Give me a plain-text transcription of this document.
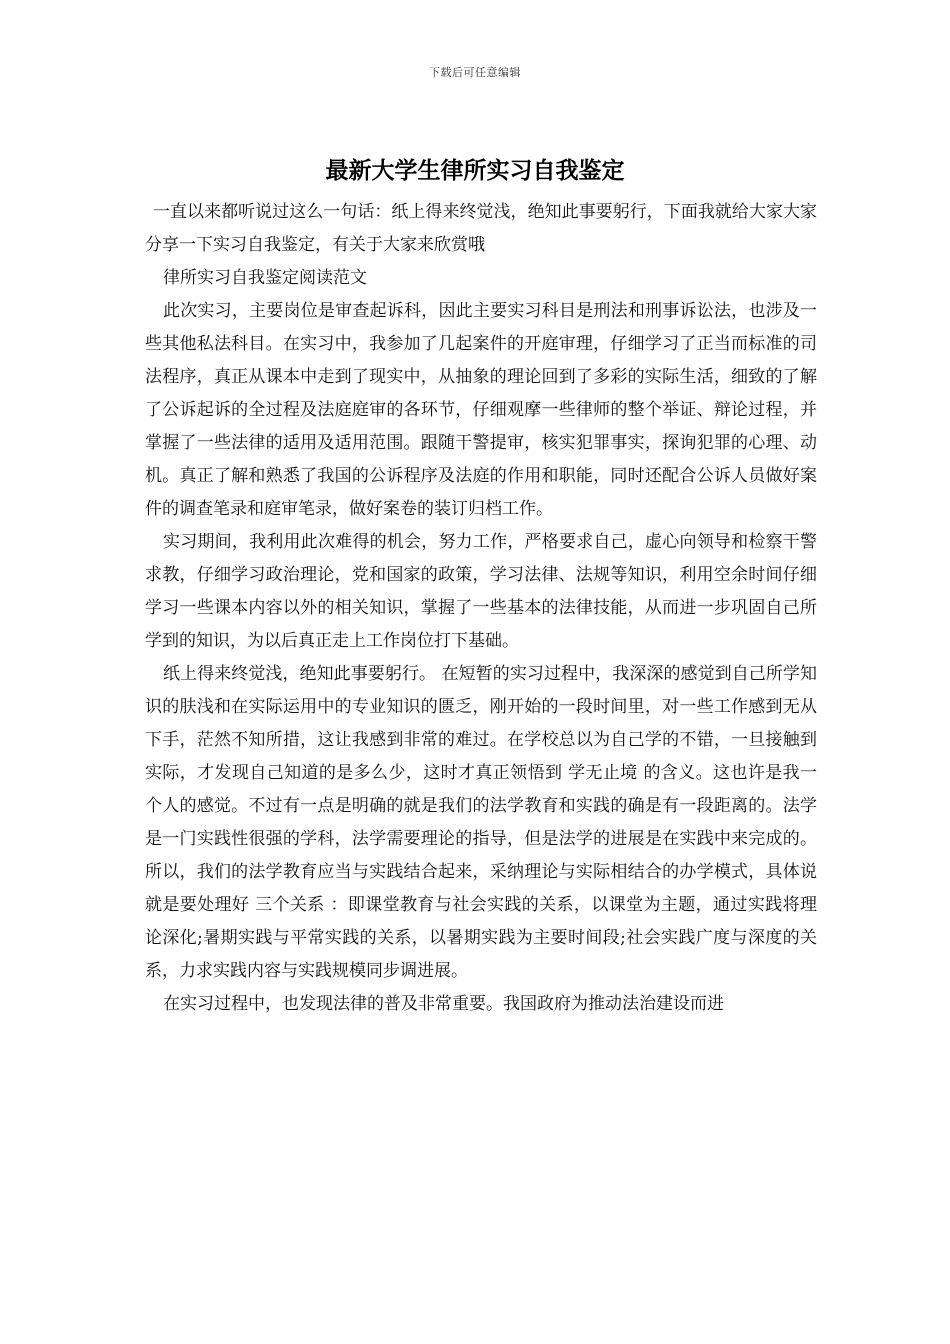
下载后可任意编辑
最新大学生律所实习自我鉴定

一直以来都听说过这么一句话：纸上得来终觉浅，绝知此事要躬行，下面我就给大家大家分享一下实习自我鉴定，有关于大家来欣赏哦

律所实习自我鉴定阅读范文

此次实习，主要岗位是审查起诉科，因此主要实习科目是刑法和刑事诉讼法，也涉及一些其他私法科目。在实习中，我参加了几起案件的开庭审理，仔细学习了正当而标准的司法程序，真正从课本中走到了现实中，从抽象的理论回到了多彩的实际生活，细致的了解了公诉起诉的全过程及法庭庭审的各环节，仔细观摩一些律师的整个举证、辩论过程，并掌握了一些法律的适用及适用范围。跟随干警提审，核实犯罪事实，探询犯罪的心理、动机。真正了解和熟悉了我国的公诉程序及法庭的作用和职能，同时还配合公诉人员做好案件的调查笔录和庭审笔录，做好案卷的装订归档工作。

实习期间，我利用此次难得的机会，努力工作，严格要求自己，虚心向领导和检察干警求教，仔细学习政治理论，党和国家的政策，学习法律、法规等知识，利用空余时间仔细学习一些课本内容以外的相关知识，掌握了一些基本的法律技能，从而进一步巩固自己所学到的知识，为以后真正走上工作岗位打下基础。

纸上得来终觉浅，绝知此事要躬行。 在短暂的实习过程中，我深深的感觉到自己所学知识的肤浅和在实际运用中的专业知识的匮乏，刚开始的一段时间里，对一些工作感到无从下手，茫然不知所措，这让我感到非常的难过。在学校总以为自己学的不错，一旦接触到实际，才发现自己知道的是多么少，这时才真正领悟到 学无止境 的含义。这也许是我一个人的感觉。不过有一点是明确的就是我们的法学教育和实践的确是有一段距离的。法学是一门实践性很强的学科，法学需要理论的指导，但是法学的进展是在实践中来完成的。所以，我们的法学教育应当与实践结合起来，采纳理论与实际相结合的办学模式，具体说就是要处理好 三个关系 ：即课堂教育与社会实践的关系，以课堂为主题，通过实践将理论深化;暑期实践与平常实践的关系，以暑期实践为主要时间段;社会实践广度与深度的关系，力求实践内容与实践规模同步调进展。

在实习过程中，也发现法律的普及非常重要。我国政府为推动法治建设而进
